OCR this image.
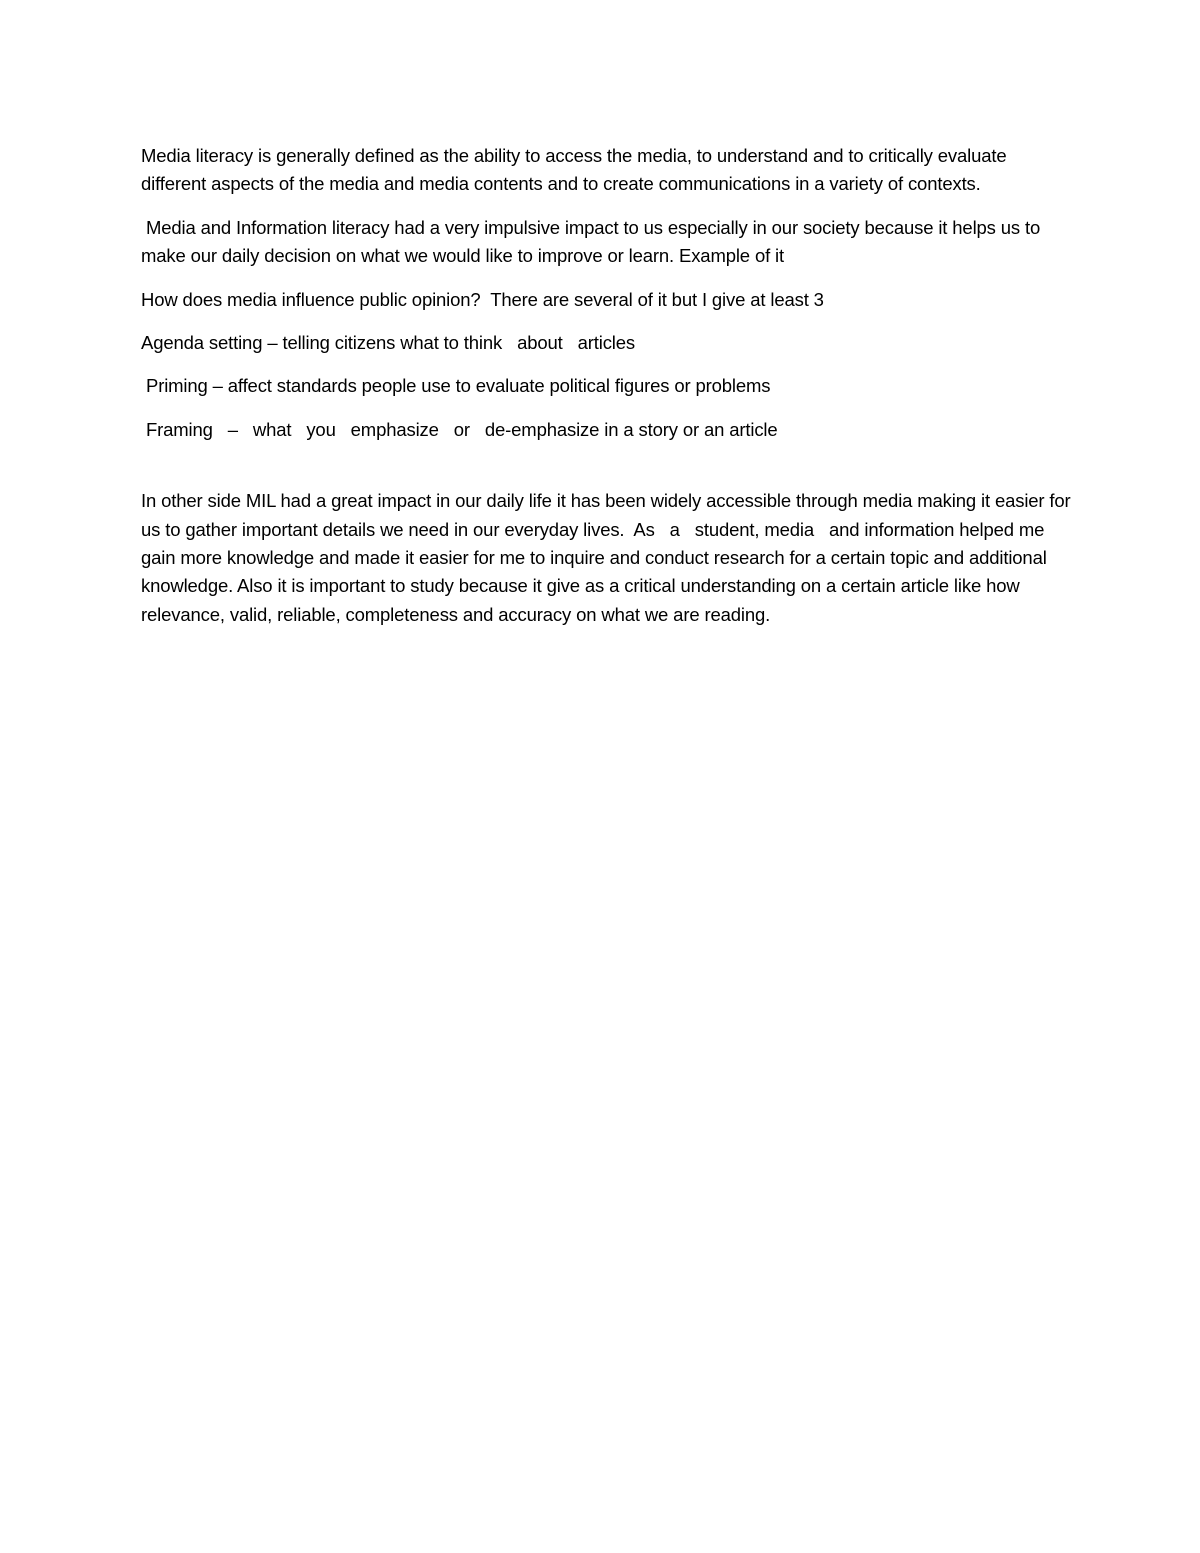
Media literacy is generally defined as the ability to access the media, to understand and to critically evaluate different aspects of the media and media contents and to create communications in a variety of contexts.

Media and Information literacy had a very impulsive impact to us especially in our society because it helps us to make our daily decision on what we would like to improve or learn. Example of it

How does media influence public opinion?  There are several of it but I give at least 3

Agenda setting – telling citizens what to think   about   articles

Priming – affect standards people use to evaluate political figures or problems

Framing   –   what   you   emphasize   or   de-emphasize in a story or an article

In other side MIL had a great impact in our daily life it has been widely accessible through media making it easier for us to gather important details we need in our everyday lives.  As   a   student, media   and information helped me gain more knowledge and made it easier for me to inquire and conduct research for a certain topic and additional knowledge. Also it is important to study because it give as a critical understanding on a certain article like how relevance, valid, reliable, completeness and accuracy on what we are reading.
